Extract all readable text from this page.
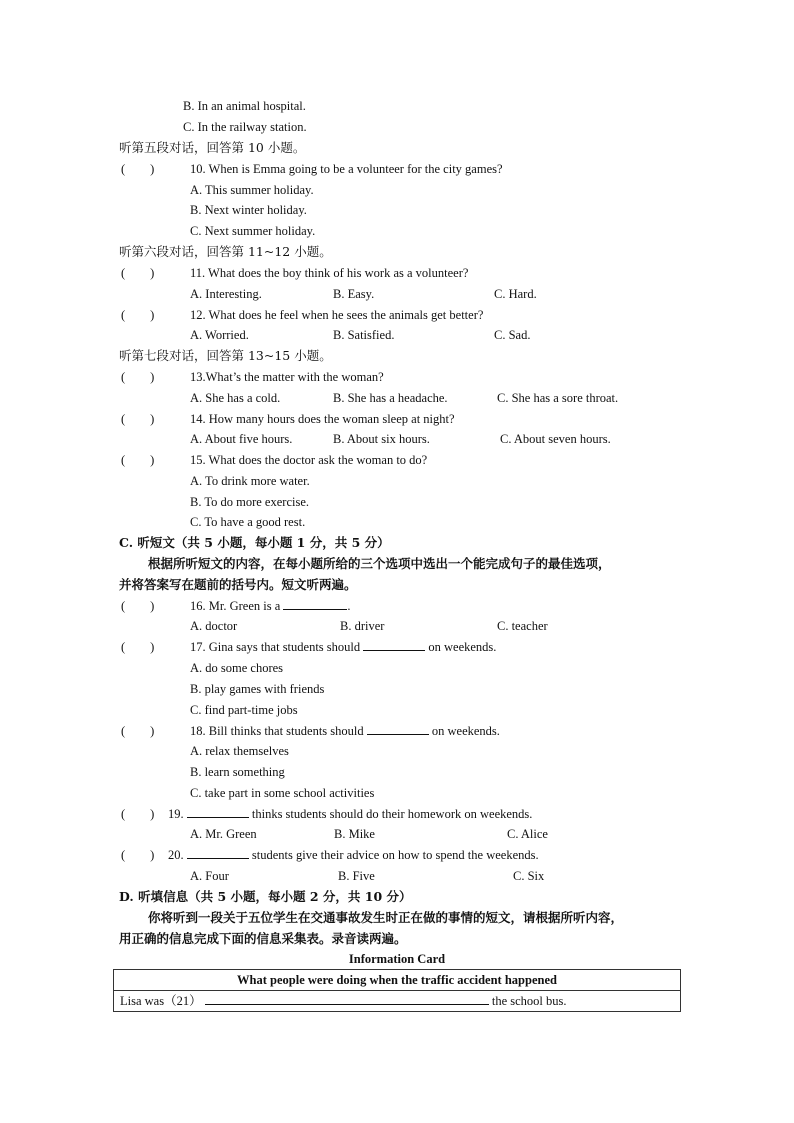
B. In an animal hospital.
C. In the railway station.
听第五段对话，回答第 10 小题。
(　　)	10. When is Emma going to be a volunteer for the city games?
A. This summer holiday.
B. Next winter holiday.
C. Next summer holiday.
听第六段对话，回答第 11~12 小题。
(　　)	11. What does the boy think of his work as a volunteer?
A. Interesting.	B. Easy.	C. Hard.
(　　)	12. What does he feel when he sees the animals get better?
A. Worried.	B. Satisfied.	C. Sad.
听第七段对话，回答第 13~15 小题。
(　　)	13.What’s the matter with the woman?
A. She has a cold.	B. She has a headache.	C. She has a sore throat.
(　　)	14. How many hours does the woman sleep at night?
A. About five hours.	B. About six hours.	C. About seven hours.
(　　)	15. What does the doctor ask the woman to do?
A. To drink more water.
B. To do more exercise.
C. To have a good rest.
C. 听短文（共 5 小题，每小题 1 分，共 5 分）
根据所听短文的内容，在每小题所给的三个选项中选出一个能完成句子的最佳选项，
并将答案写在题前的括号内。短文听两遍。
(　　)	16. Mr. Green is a	.
A. doctor	B. driver	C. teacher
(　　)	17. Gina says that students should	on weekends.
A. do some chores
B. play games with friends
C. find part-time jobs
(　　)	18. Bill thinks that students should	on weekends.
A. relax themselves
B. learn something
C. take part in some school activities
(　　) 19.	thinks students should do their homework on weekends.
A. Mr. Green	B. Mike	C. Alice
(　　) 20.	students give their advice on how to spend the weekends.
A. Four	B. Five	C. Six
D. 听填信息（共 5 小题，每小题 2 分，共 10 分）
你将听到一段关于五位学生在交通事故发生时正在做的事情的短文，请根据所听内容，
用正确的信息完成下面的信息采集表。录音读两遍。
Information Card
What people were doing when the traffic accident happened
Lisa was（21）	the school bus.
